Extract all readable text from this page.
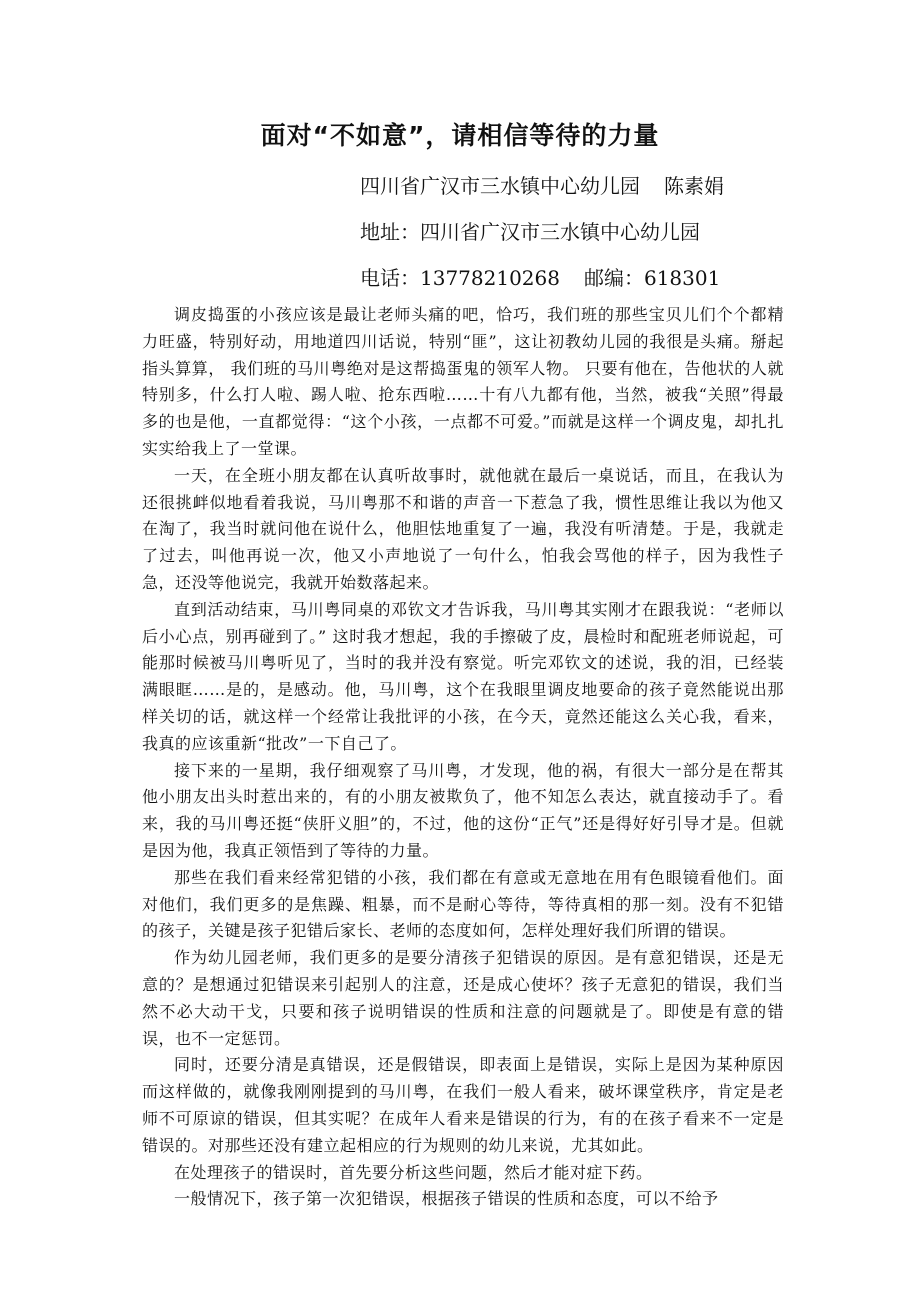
面对“不如意”，请相信等待的力量

四川省广汉市三水镇中心幼儿园 陈素娟

地址：四川省广汉市三水镇中心幼儿园

电话：13778210268 邮编：618301

调皮捣蛋的小孩应该是最让老师头痛的吧，恰巧，我们班的那些宝贝儿们个个都精力旺盛，特别好动，用地道四川话说，特别“匪”，这让初教幼儿园的我很是头痛。掰起指头算算， 我们班的马川粤绝对是这帮捣蛋鬼的领军人物。 只要有他在，告他状的人就特别多，什么打人啦、踢人啦、抢东西啦……十有八九都有他，当然，被我“关照”得最多的也是他，一直都觉得：“这个小孩，一点都不可爱。”而就是这样一个调皮鬼，却扎扎实实给我上了一堂课。

一天，在全班小朋友都在认真听故事时，就他就在最后一桌说话，而且，在我认为还很挑衅似地看着我说，马川粤那不和谐的声音一下惹急了我，惯性思维让我以为他又在淘了，我当时就问他在说什么，他胆怯地重复了一遍，我没有听清楚。于是，我就走了过去，叫他再说一次，他又小声地说了一句什么，怕我会骂他的样子，因为我性子急，还没等他说完，我就开始数落起来。

直到活动结束，马川粤同桌的邓钦文才告诉我，马川粤其实刚才在跟我说：“老师以后小心点，别再碰到了。” 这时我才想起，我的手擦破了皮，晨检时和配班老师说起，可能那时候被马川粤听见了，当时的我并没有察觉。听完邓钦文的述说，我的泪，已经装满眼眶……是的，是感动。他，马川粤，这个在我眼里调皮地要命的孩子竟然能说出那样关切的话，就这样一个经常让我批评的小孩，在今天，竟然还能这么关心我，看来，我真的应该重新“批改”一下自己了。

接下来的一星期，我仔细观察了马川粤，才发现，他的祸，有很大一部分是在帮其他小朋友出头时惹出来的，有的小朋友被欺负了，他不知怎么表达，就直接动手了。看来，我的马川粤还挺“侠肝义胆”的，不过，他的这份“正气”还是得好好引导才是。但就是因为他，我真正领悟到了等待的力量。

那些在我们看来经常犯错的小孩，我们都在有意或无意地在用有色眼镜看他们。面对他们，我们更多的是焦躁、粗暴，而不是耐心等待，等待真相的那一刻。没有不犯错的孩子，关键是孩子犯错后家长、老师的态度如何，怎样处理好我们所谓的错误。

作为幼儿园老师，我们更多的是要分清孩子犯错误的原因。是有意犯错误，还是无意的？是想通过犯错误来引起别人的注意，还是成心使坏？孩子无意犯的错误，我们当然不必大动干戈，只要和孩子说明错误的性质和注意的问题就是了。即使是有意的错误，也不一定惩罚。

同时，还要分清是真错误，还是假错误，即表面上是错误，实际上是因为某种原因而这样做的，就像我刚刚提到的马川粤，在我们一般人看来，破坏课堂秩序，肯定是老师不可原谅的错误，但其实呢？在成年人看来是错误的行为，有的在孩子看来不一定是错误的。对那些还没有建立起相应的行为规则的幼儿来说，尤其如此。

在处理孩子的错误时，首先要分析这些问题，然后才能对症下药。

一般情况下，孩子第一次犯错误，根据孩子错误的性质和态度，可以不给予
